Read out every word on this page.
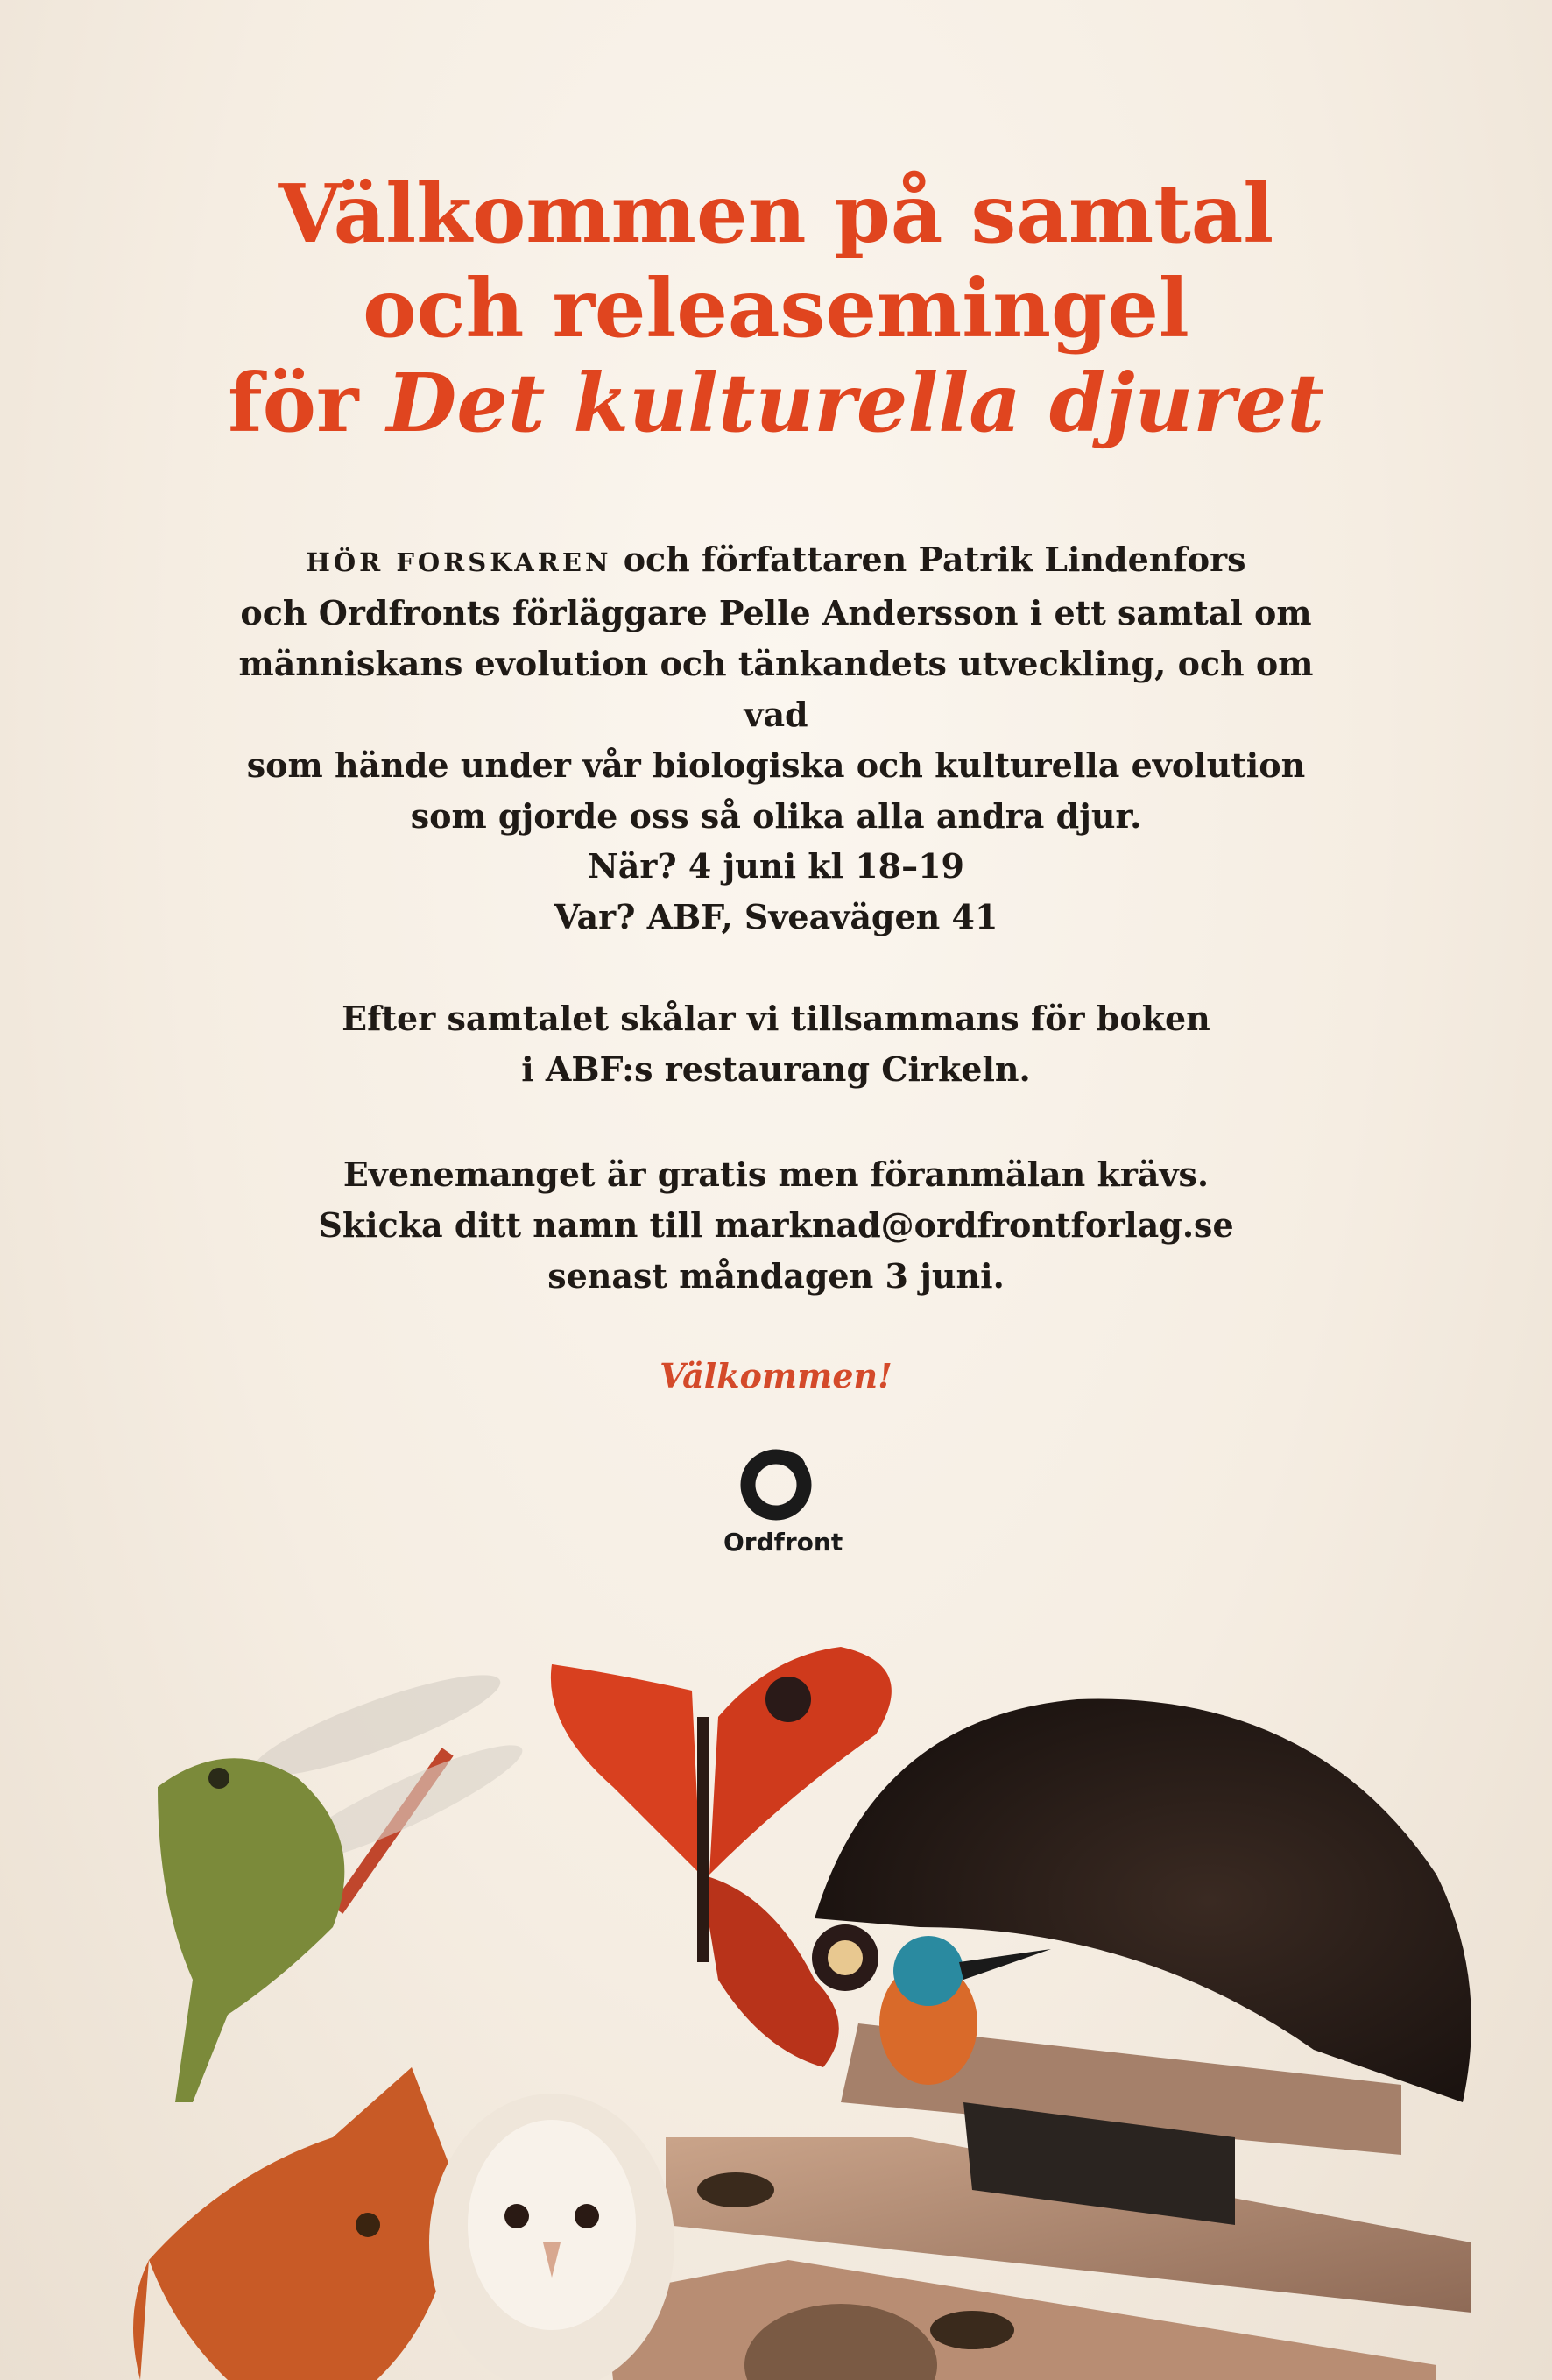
Välkommen på samtal
och releasemingel
för Det kulturella djuret
HÖR FORSKAREN och författaren Patrik Lindenfors
och Ordfronts förläggare Pelle Andersson i ett samtal om
människans evolution och tänkandets utveckling, och om vad
som hände under vår biologiska och kulturella evolution
som gjorde oss så olika alla andra djur.
När? 4 juni kl 18–19
Var? ABF, Sveavägen 41
Efter samtalet skålar vi tillsammans för boken
i ABF:s restaurang Cirkeln.
Evenemanget är gratis men föranmälan krävs.
Skicka ditt namn till marknad@ordfrontforlag.se
senast måndagen 3 juni.
Välkommen!
Ordfront
